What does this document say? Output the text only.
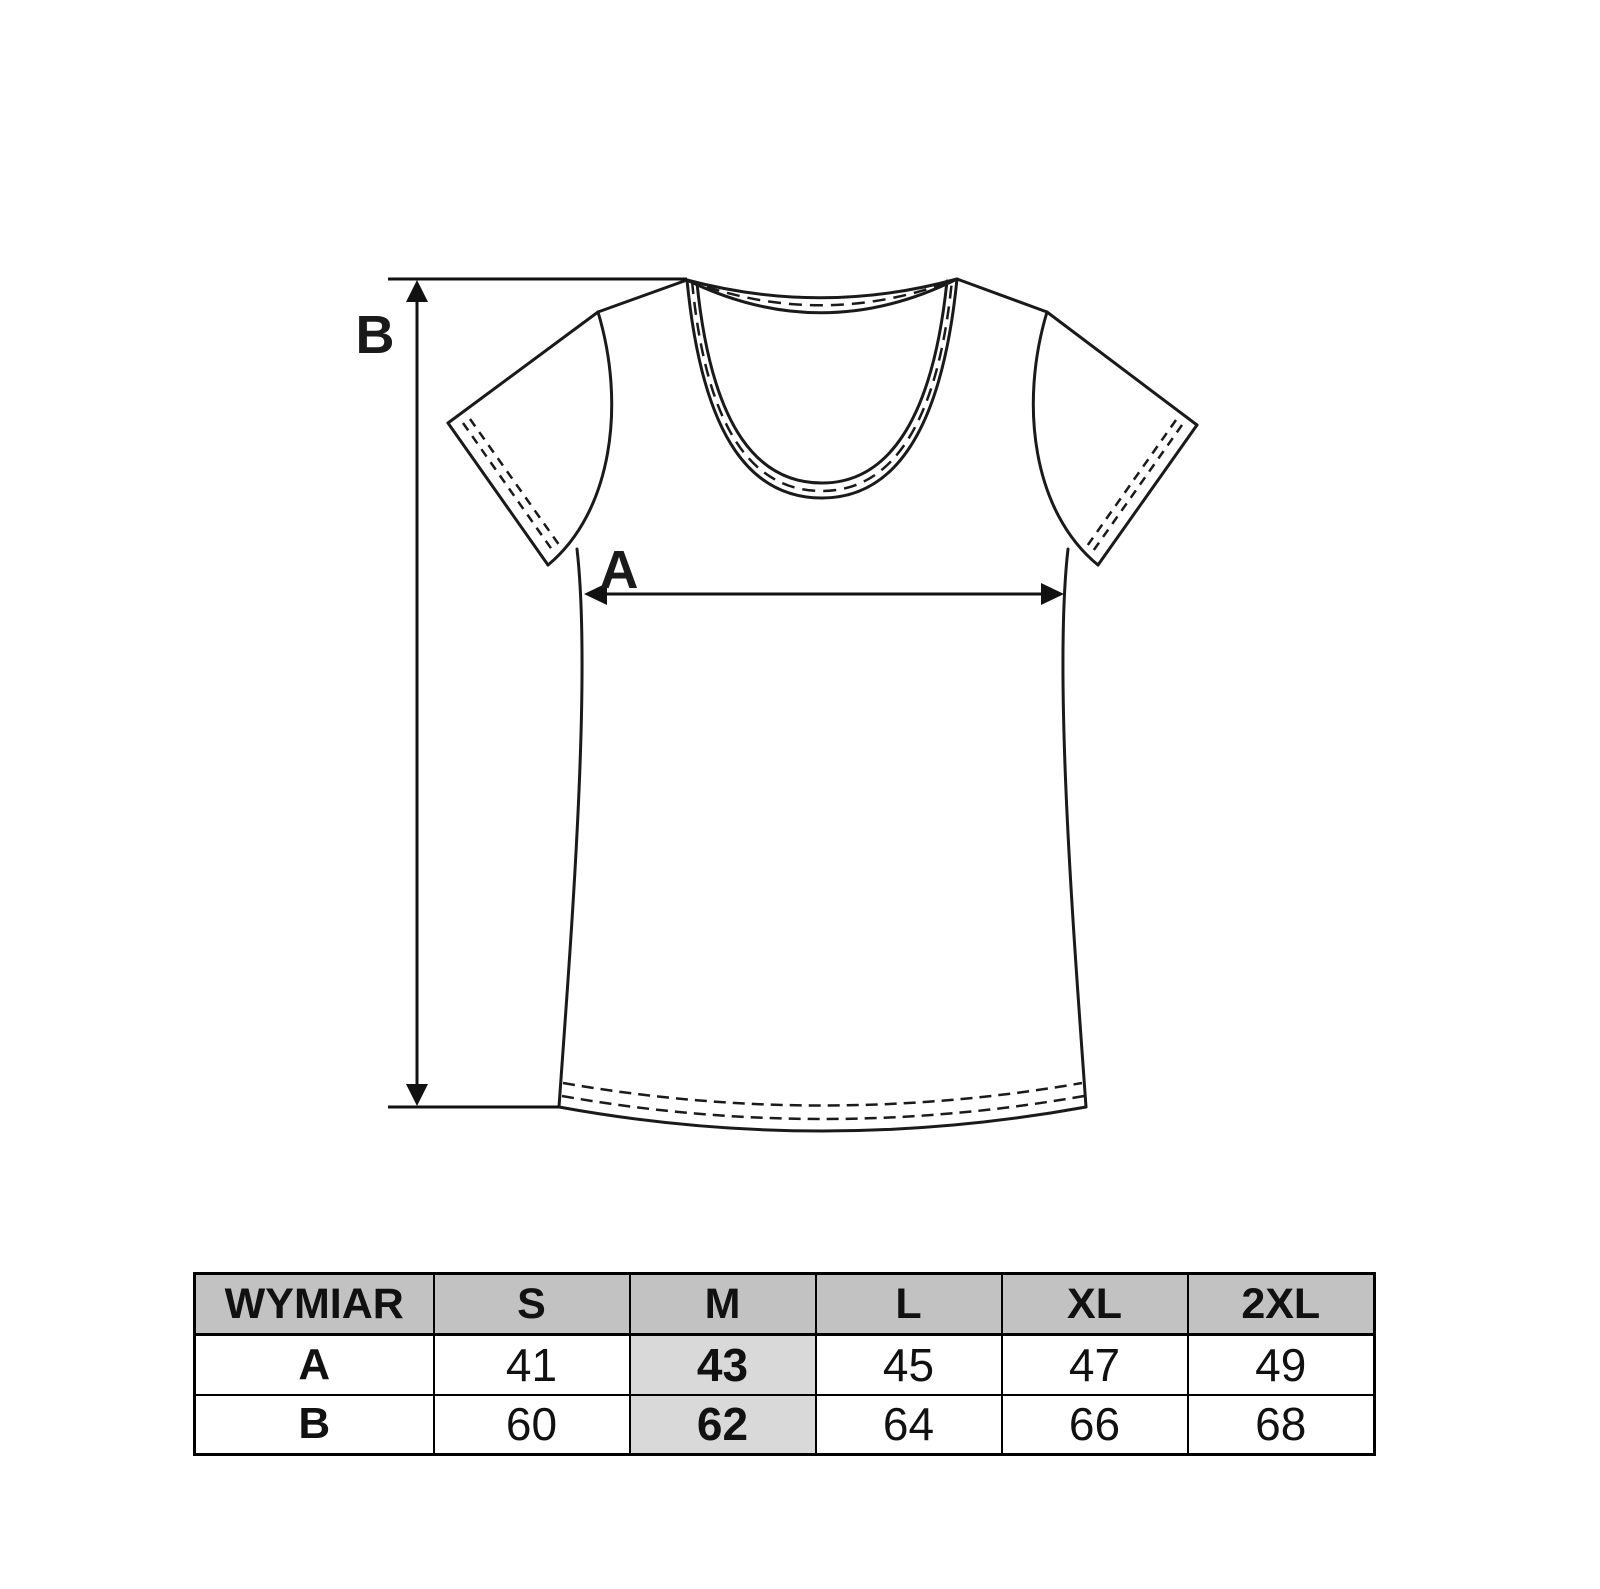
B
A
WYMIAR	S	M	L	XL	2XL
A	41	43	45	47	49
B	60	62	64	66	68
